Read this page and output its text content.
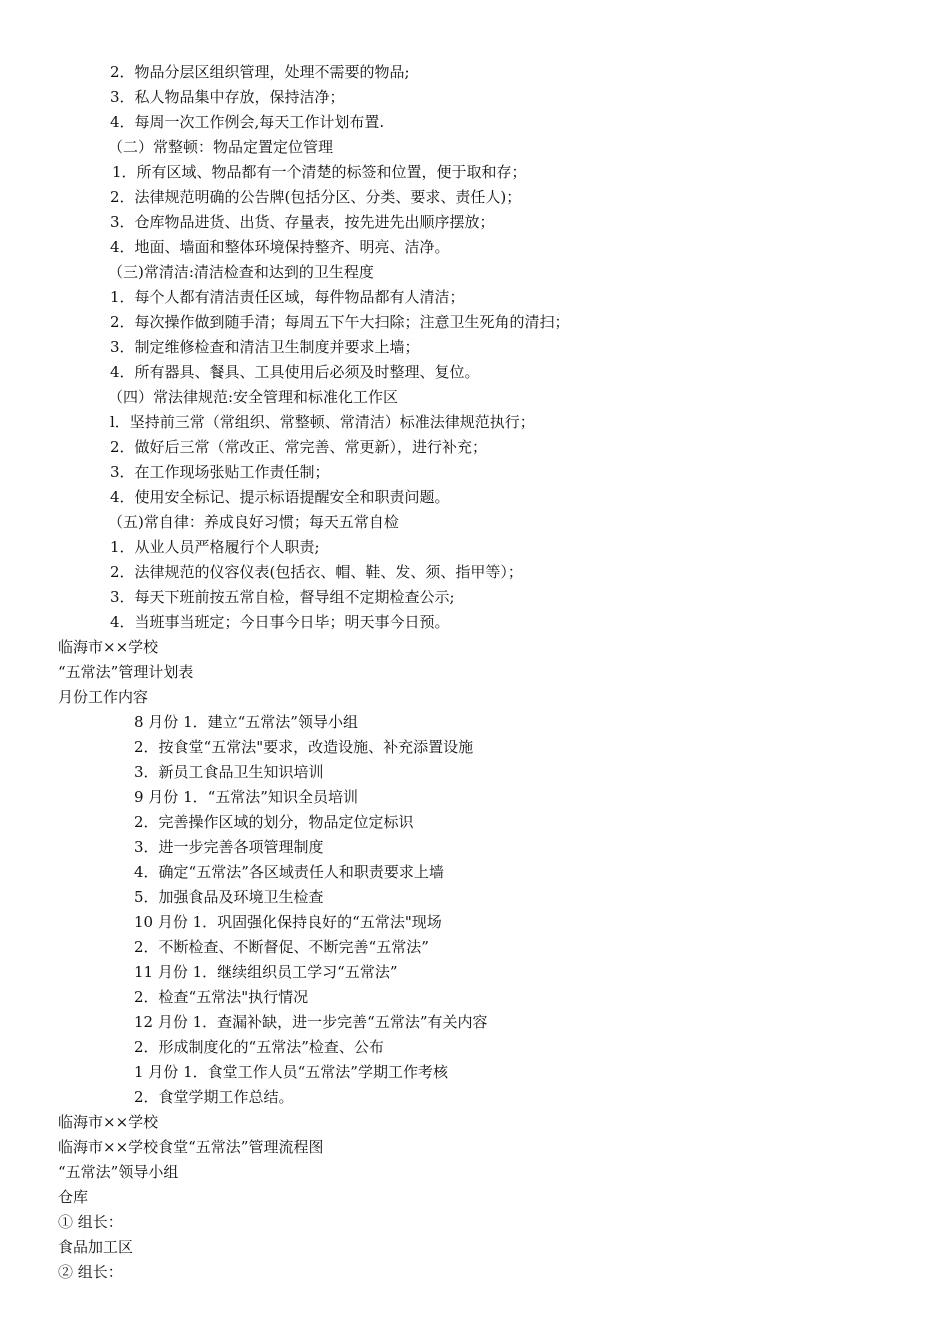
2．物品分层区组织管理，处理不需要的物品;
3．私人物品集中存放，保持洁净；
4．每周一次工作例会,每天工作计划布置.
（二）常整顿：物品定置定位管理
1．所有区域、物品都有一个清楚的标签和位置，便于取和存；
2．法律规范明确的公告牌(包括分区、分类、要求、责任人)；
3．仓库物品进货、出货、存量表，按先进先出顺序摆放；
4．地面、墙面和整体环境保持整齐、明亮、洁净。
（三)常清洁:清洁检查和达到的卫生程度
1．每个人都有清洁责任区域，每件物品都有人清洁；
2．每次操作做到随手清；每周五下午大扫除；注意卫生死角的清扫；
3．制定维修检查和清洁卫生制度并要求上墙；
4．所有器具、餐具、工具使用后必须及时整理、复位。
（四）常法律规范:安全管理和标准化工作区
l．坚持前三常（常组织、常整顿、常清洁）标准法律规范执行；
2．做好后三常（常改正、常完善、常更新），进行补充；
3．在工作现场张贴工作责任制；
4．使用安全标记、提示标语提醒安全和职责问题。
（五)常自律：养成良好习惯；每天五常自检
1．从业人员严格履行个人职责;
2．法律规范的仪容仪表(包括衣、帽、鞋、发、须、指甲等）；
3．每天下班前按五常自检，督导组不定期检查公示;
4．当班事当班定；今日事今日毕；明天事今日预。
临海市××学校
“五常法”管理计划表
月份工作内容
8 月份 1．建立“五常法”领导小组
2．按食堂“五常法"要求，改造设施、补充添置设施
3．新员工食品卫生知识培训
9 月份 1．“五常法”知识全员培训
2．完善操作区域的划分，物品定位定标识
3．进一步完善各项管理制度
4．确定“五常法”各区域责任人和职责要求上墙
5．加强食品及环境卫生检查
10 月份 1．巩固强化保持良好的“五常法"现场
2．不断检查、不断督促、不断完善“五常法”
11 月份 1．继续组织员工学习“五常法”
2．检查“五常法"执行情况
12 月份 1．查漏补缺，进一步完善“五常法”有关内容
2．形成制度化的“五常法”检查、公布
1 月份 1．食堂工作人员“五常法”学期工作考核
2．食堂学期工作总结。
临海市××学校
临海市××学校食堂“五常法”管理流程图
“五常法”领导小组
仓库
① 组长：
食品加工区
② 组长：
